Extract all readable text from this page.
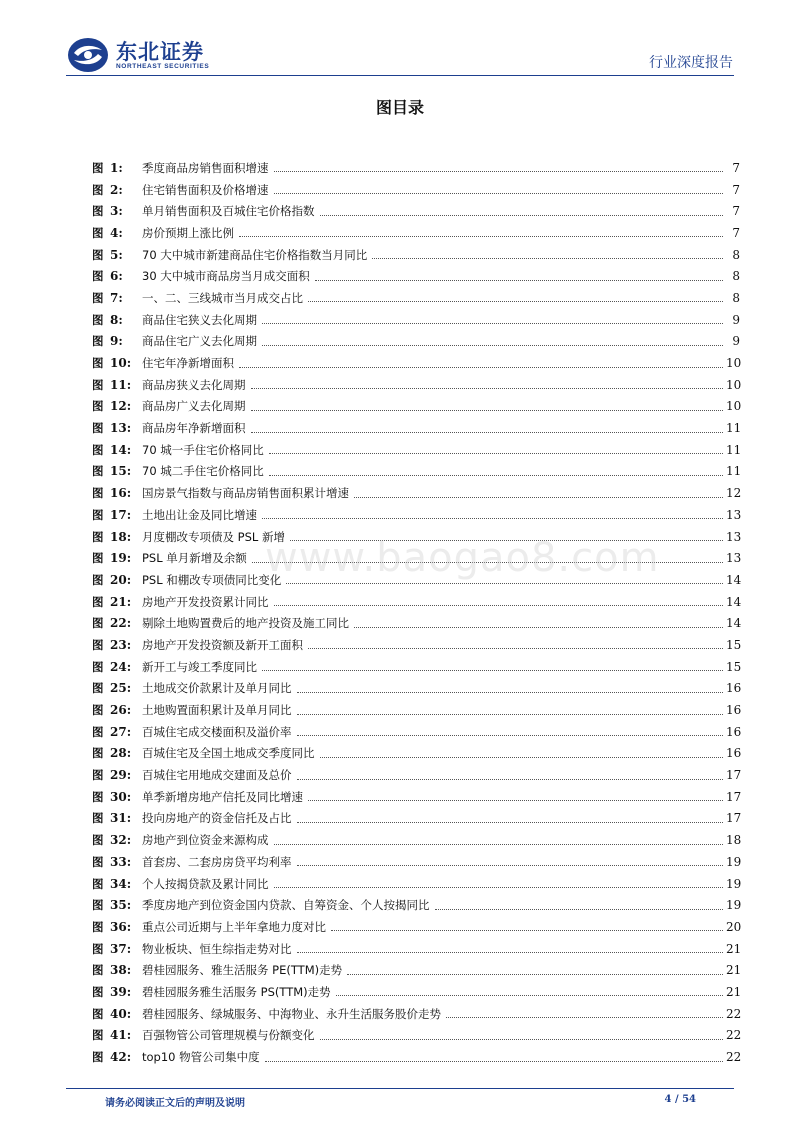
东北证券
NORTHEAST SECURITIES	行业深度报告
图目录
图 1:	季度商品房销售面积增速	7
图 2:	住宅销售面积及价格增速	7
图 3:	单月销售面积及百城住宅价格指数	7
图 4:	房价预期上涨比例	7
图 5:	70 大中城市新建商品住宅价格指数当月同比	8
图 6:	30 大中城市商品房当月成交面积	8
图 7:	一、二、三线城市当月成交占比	8
图 8:	商品住宅狭义去化周期	9
图 9:	商品住宅广义去化周期	9
图 10: 住宅年净新增面积	10
图 11: 商品房狭义去化周期	10
图 12: 商品房广义去化周期	10
图 13: 商品房年净新增面积	11
图 14: 70 城一手住宅价格同比	11
图 15: 70 城二手住宅价格同比	11
图 16: 国房景气指数与商品房销售面积累计增速	12
图 17: 土地出让金及同比增速	13
图 18: 月度棚改专项债及 PSL 新增	13
图 19: PSL 单月新增及余额	13
图 20: PSL 和棚改专项债同比变化	14
图 21: 房地产开发投资累计同比	14
图 22: 剔除土地购置费后的地产投资及施工同比	14
图 23: 房地产开发投资额及新开工面积	15
图 24: 新开工与竣工季度同比	15
图 25: 土地成交价款累计及单月同比	16
图 26: 土地购置面积累计及单月同比	16
图 27: 百城住宅成交楼面积及溢价率	16
图 28: 百城住宅及全国土地成交季度同比	16
图 29: 百城住宅用地成交建面及总价	17
图 30: 单季新增房地产信托及同比增速	17
图 31: 投向房地产的资金信托及占比	17
图 32: 房地产到位资金来源构成	18
图 33: 首套房、二套房房贷平均利率	19
图 34: 个人按揭贷款及累计同比	19
图 35: 季度房地产到位资金国内贷款、自筹资金、个人按揭同比	19
图 36: 重点公司近期与上半年拿地力度对比	20
图 37: 物业板块、恒生综指走势对比	21
图 38: 碧桂园服务、雅生活服务 PE(TTM)走势	21
图 39: 碧桂园服务雅生活服务 PS(TTM)走势	21
图 40: 碧桂园服务、绿城服务、中海物业、永升生活服务股价走势	22
图 41: 百强物管公司管理规模与份额变化	22
图 42: top10 物管公司集中度	22
www.baogao8.com
请务必阅读正文后的声明及说明	4 / 54
